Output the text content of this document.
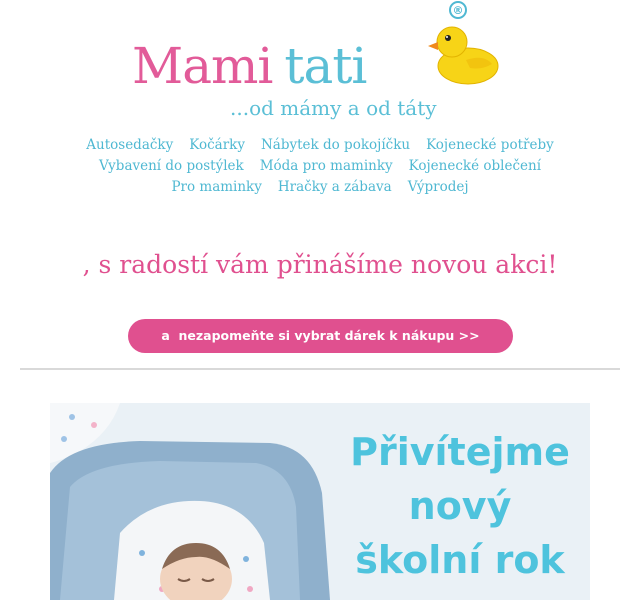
Mami tati
...od mámy a od táty
®
Autosedačky Kočárky Nábytek do pokojíčku Kojenecké potřeby
Vybavení do postýlek Móda pro maminky Kojenecké oblečení
Pro maminky Hračky a zábava Výprodej
, s radostí vám přinášíme novou akci!
a  nezapomeňte si vybrat dárek k nákupu >>
Přivítejme
nový
školní rok
